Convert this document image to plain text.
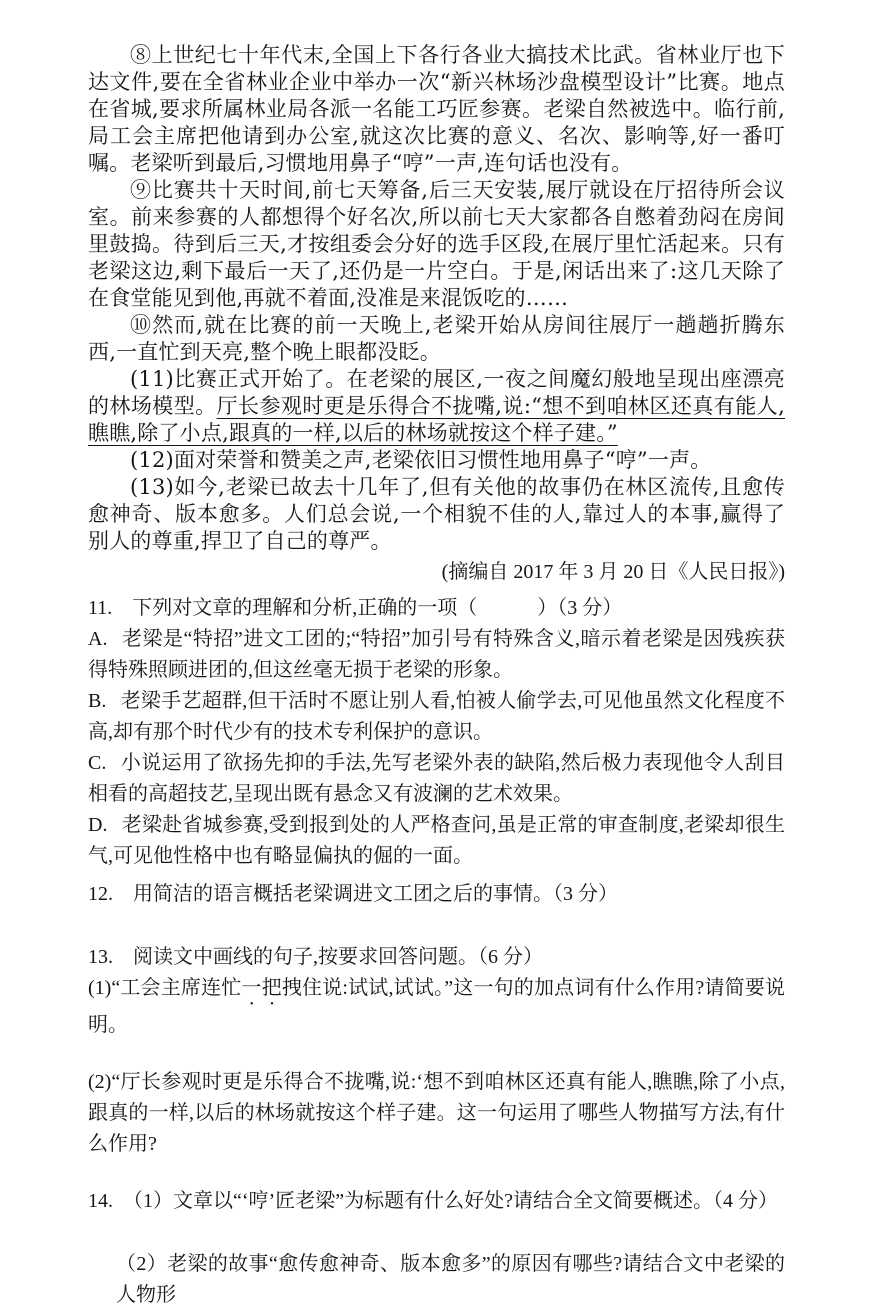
⑧上世纪七十年代末,全国上下各行各业大搞技术比武。省林业厅也下达文件,要在全省林业企业中举办一次“新兴林场沙盘模型设计”比赛。地点在省城,要求所属林业局各派一名能工巧匠参赛。老梁自然被选中。临行前,局工会主席把他请到办公室,就这次比赛的意义、名次、影响等,好一番叮嘱。老梁听到最后,习惯地用鼻子“哼”一声,连句话也没有。

⑨比赛共十天时间,前七天筹备,后三天安装,展厅就设在厅招待所会议室。前来参赛的人都想得个好名次,所以前七天大家都各自憋着劲闷在房间里鼓捣。待到后三天,才按组委会分好的选手区段,在展厅里忙活起来。只有老梁这边,剩下最后一天了,还仍是一片空白。于是,闲话出来了:这几天除了在食堂能见到他,再就不着面,没准是来混饭吃的……

⑩然而,就在比赛的前一天晚上,老梁开始从房间往展厅一趟趟折腾东西,一直忙到天亮,整个晚上眼都没眨。

(11)比赛正式开始了。在老梁的展区,一夜之间魔幻般地呈现出座漂亮的林场模型。厅长参观时更是乐得合不拢嘴,说:“想不到咱林区还真有能人,瞧瞧,除了小点,跟真的一样,以后的林场就按这个样子建。”

(12)面对荣誉和赞美之声,老梁依旧习惯性地用鼻子“哼”一声。

(13)如今,老梁已故去十几年了,但有关他的故事仍在林区流传,且愈传愈神奇、版本愈多。人们总会说,一个相貌不佳的人,靠过人的本事,赢得了别人的尊重,捍卫了自己的尊严。

(摘编自 2017 年 3 月 20 日《人民日报》)

11.　下列对文章的理解和分析,正确的一项（　　　）（3 分）

A. 老梁是“特招”进文工团的;“特招”加引号有特殊含义,暗示着老梁是因残疾获得特殊照顾进团的,但这丝毫无损于老梁的形象。

B. 老梁手艺超群,但干活时不愿让别人看,怕被人偷学去,可见他虽然文化程度不高,却有那个时代少有的技术专利保护的意识。

C. 小说运用了欲扬先抑的手法,先写老梁外表的缺陷,然后极力表现他令人刮目相看的高超技艺,呈现出既有悬念又有波澜的艺术效果。

D. 老梁赴省城参赛,受到报到处的人严格查问,虽是正常的审查制度,老梁却很生气,可见他性格中也有略显偏执的倔的一面。

12.　用简洁的语言概括老梁调进文工团之后的事情。（3 分）

13.　阅读文中画线的句子,按要求回答问题。（6 分）

(1)“工会主席连忙一把拽住说:试试,试试。”这一句的加点词有什么作用?请简要说明。

(2)“厅长参观时更是乐得合不拢嘴,说:‘想不到咱林区还真有能人,瞧瞧,除了小点,跟真的一样,以后的林场就按这个样子建。这一句运用了哪些人物描写方法,有什么作用?

14.　（1）文章以“‘哼’匠老梁”为标题有什么好处?请结合全文简要概述。（4 分）

（2）老梁的故事“愈传愈神奇、版本愈多”的原因有哪些?请结合文中老梁的人物形
